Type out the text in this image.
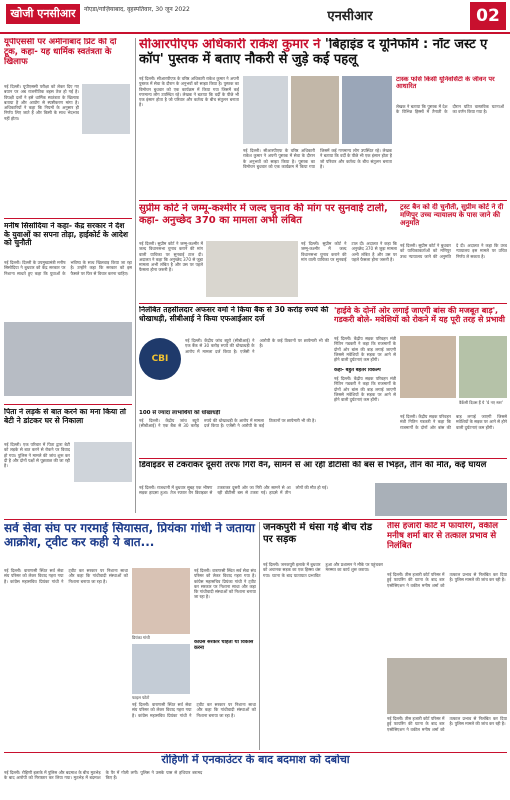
खोजी एनसीआर	नोएडा/गाज़ियाबाद, वृहस्पतिवार, 30 जून 2022	एनसीआर	02
यूपीएससी पर अमीनाबाद प्रिंट की दो टूक, कहा- यह धार्मिक स्वतंत्रता के खिलाफ
नई दिल्ली। यूपीएससी परीक्षा को लेकर दिए गए बयान पर अब राजनीतिक बहस तेज हो गई है। विपक्षी दलों ने इसे धार्मिक स्वतंत्रता के खिलाफ बताया है और आयोग से स्पष्टीकरण मांगा है। अधिकारियों ने कहा कि नियमों के अनुसार ही निर्णय लिए जाते हैं और किसी के साथ भेदभाव नहीं होता।
मनीष सिसोदिया ने कहा- केंद्र सरकार ने देश के युवाओं का सपना तोड़ा, हाईकोर्ट के आदेश को चुनौती
नई दिल्ली। दिल्ली के उपमुख्यमंत्री मनीष सिसोदिया ने बुधवार को केंद्र सरकार पर निशाना साधते हुए कहा कि युवाओं के भविष्य के साथ खिलवाड़ किया जा रहा है। उन्होंने कहा कि सरकार को इस फैसले पर फिर से विचार करना चाहिए।
पिता ने लड़के से बात करने का मना किया तो बेटी ने डांटकर घर से निकाला
नई दिल्ली। एक परिवार में पिता द्वारा बेटी को लड़के से बात करने से रोकने पर विवाद हो गया। पुलिस ने मामले की जांच शुरू कर दी है और दोनों पक्षों से पूछताछ की जा रही है।
सीआरपीएफ अधिकारी राकेश कुमार ने 'बिहाइंड द यूनिफॉर्म : नॉट जस्ट ए कॉप' पुस्तक में बताए नौकरी से जुड़े कई पहलू
नई दिल्ली। सीआरपीएफ के वरिष्ठ अधिकारी राकेश कुमार ने अपनी पुस्तक में सेवा के दौरान के अनुभवों को साझा किया है। पुस्तक का विमोचन बुधवार को एक कार्यक्रम में किया गया जिसमें कई गणमान्य लोग उपस्थित रहे। लेखक ने बताया कि वर्दी के पीछे भी एक इंसान होता है जो परिवार और कर्तव्य के बीच संतुलन बनाता है।
नई दिल्ली। सीआरपीएफ के वरिष्ठ अधिकारी राकेश कुमार ने अपनी पुस्तक में सेवा के दौरान के अनुभवों को साझा किया है। पुस्तक का विमोचन बुधवार को एक कार्यक्रम में किया गया जिसमें कई गणमान्य लोग उपस्थित रहे। लेखक ने बताया कि वर्दी के पीछे भी एक इंसान होता है जो परिवार और कर्तव्य के बीच संतुलन बनाता है।
टास्क फोर्स किसी यूनिवर्सिटी के जीवन पर आधारित
लेखक ने बताया कि पुस्तक में देश के विभिन्न हिस्सों में तैनाती के दौरान घटित वास्तविक घटनाओं का वर्णन किया गया है।
सुप्रीम कोर्ट ने जम्मू-कश्मीर में जल्द चुनाव की मांग पर सुनवाई टाली, कहा- अनुच्छेद 370 का मामला अभी लंबित
नई दिल्ली। सुप्रीम कोर्ट ने जम्मू-कश्मीर में जल्द विधानसभा चुनाव कराने की मांग वाली याचिका पर सुनवाई टाल दी। अदालत ने कहा कि अनुच्छेद 370 से जुड़ा मामला अभी लंबित है और उस पर पहले फैसला होना जरूरी है।
नई दिल्ली। सुप्रीम कोर्ट ने जम्मू-कश्मीर में जल्द विधानसभा चुनाव कराने की मांग वाली याचिका पर सुनवाई टाल दी। अदालत ने कहा कि अनुच्छेद 370 से जुड़ा मामला अभी लंबित है और उस पर पहले फैसला होना जरूरी है।
ट्रस्ट बैन को दी चुनौती, सुप्रीम कोर्ट ने दी मणिपुर उच्च न्यायालय के पास जाने की अनुमति
नई दिल्ली। सुप्रीम कोर्ट ने बुधवार को याचिकाकर्ताओं को मणिपुर उच्च न्यायालय जाने की अनुमति दे दी। अदालत ने कहा कि उच्च न्यायालय इस मामले पर उचित निर्णय ले सकता है।
निलंबित तहसीलदार अफसर वर्मा ने किया बैंक से 30 करोड़ रुपये की धोखाधड़ी, सीबीआई ने किया एफआईआर दर्ज
CBI
नई दिल्ली। केंद्रीय जांच ब्यूरो (सीबीआई) ने एक बैंक से 30 करोड़ रुपये की धोखाधड़ी के आरोप में मामला दर्ज किया है। एजेंसी ने आरोपी के कई ठिकानों पर छापेमारी भी की है।
100 से ज्यादा लाभार्थियों को धोखाधड़ी
नई दिल्ली। केंद्रीय जांच ब्यूरो (सीबीआई) ने एक बैंक से 30 करोड़ रुपये की धोखाधड़ी के आरोप में मामला दर्ज किया है। एजेंसी ने आरोपी के कई ठिकानों पर छापेमारी भी की है।
'हाईवे के दोनों ओर लगाई जाएगी बांस की मजबूत बाड़', गडकरी बोले- मवेशियों को रोकने में यह पूरी तरह से प्रभावी
नई दिल्ली। केंद्रीय सड़क परिवहन मंत्री नितिन गडकरी ने कहा कि राजमार्गों के दोनों ओर बांस की बाड़ लगाई जाएगी जिससे मवेशियों के सड़क पर आने से होने वाली दुर्घटनाएं कम होंगी।
कहा- बहुत बेहतर विकल्प
नई दिल्ली। केंद्रीय सड़क परिवहन मंत्री नितिन गडकरी ने कहा कि राजमार्गों के दोनों ओर बांस की बाड़ लगाई जाएगी जिससे मवेशियों के सड़क पर आने से होने वाली दुर्घटनाएं कम होंगी।
वैकेंसी दिवस हैं ये '4 नए स्तर'
नई दिल्ली। केंद्रीय सड़क परिवहन मंत्री नितिन गडकरी ने कहा कि राजमार्गों के दोनों ओर बांस की बाड़ लगाई जाएगी जिससे मवेशियों के सड़क पर आने से होने वाली दुर्घटनाएं कम होंगी।
डिवाइडर से टकराकर दूसरी तरफ गिरी वैन, सामने से आ रही डीटीसी की बस से भिड़ंत, तीन की मौत, कई घायल
नई दिल्ली। राजधानी में बुधवार सुबह एक भीषण सड़क हादसा हुआ। तेज रफ्तार वैन डिवाइडर से टकराकर दूसरी ओर जा गिरी और सामने से आ रही डीटीसी बस से टकरा गई। हादसे में तीन लोगों की मौत हो गई।
सर्व सेवा संघ पर गरमाई सियासत, प्रियंका गांधी ने जताया आक्रोश, ट्वीट कर कही ये बात...
नई दिल्ली। वाराणसी स्थित सर्व सेवा संघ परिसर को लेकर विवाद गहरा गया है। कांग्रेस महासचिव प्रियंका गांधी ने ट्वीट कर सरकार पर निशाना साधा और कहा कि गांधीवादी संस्थाओं को निशाना बनाया जा रहा है।
प्रियंका गांधी
नई दिल्ली। वाराणसी स्थित सर्व सेवा संघ परिसर को लेकर विवाद गहरा गया है। कांग्रेस महासचिव प्रियंका गांधी ने ट्वीट कर सरकार पर निशाना साधा और कहा कि गांधीवादी संस्थाओं को निशाना बनाया जा रहा है।
कांग्रेस सरकार चाहती थी विकास करना
फाइल फोटो
नई दिल्ली। वाराणसी स्थित सर्व सेवा संघ परिसर को लेकर विवाद गहरा गया है। कांग्रेस महासचिव प्रियंका गांधी ने ट्वीट कर सरकार पर निशाना साधा और कहा कि गांधीवादी संस्थाओं को निशाना बनाया जा रहा है।
जनकपुरी में धंसा गई बीच रोड पर सड़क
नई दिल्ली। जनकपुरी इलाके में बुधवार को अचानक सड़क का एक हिस्सा धंस गया। घटना के बाद यातायात प्रभावित हुआ और प्रशासन ने मौके पर पहुंचकर मरम्मत का कार्य शुरू कराया।
तीस हजारी कोर्ट में फायरिंग, वकील मनीष शर्मा बार से तत्काल प्रभाव से निलंबित
नई दिल्ली। तीस हजारी कोर्ट परिसर में हुई फायरिंग की घटना के बाद बार एसोसिएशन ने वकील मनीष शर्मा को तत्काल प्रभाव से निलंबित कर दिया है। पुलिस मामले की जांच कर रही है।
नई दिल्ली। तीस हजारी कोर्ट परिसर में हुई फायरिंग की घटना के बाद बार एसोसिएशन ने वकील मनीष शर्मा को तत्काल प्रभाव से निलंबित कर दिया है। पुलिस मामले की जांच कर रही है।
रोहिणी में एनकाउंटर के बाद बदमाश को दबोचा
नई दिल्ली। रोहिणी इलाके में पुलिस और बदमाश के बीच मुठभेड़ के बाद आरोपी को गिरफ्तार कर लिया गया। मुठभेड़ में बदमाश के पैर में गोली लगी। पुलिस ने उसके पास से हथियार बरामद किए हैं।
